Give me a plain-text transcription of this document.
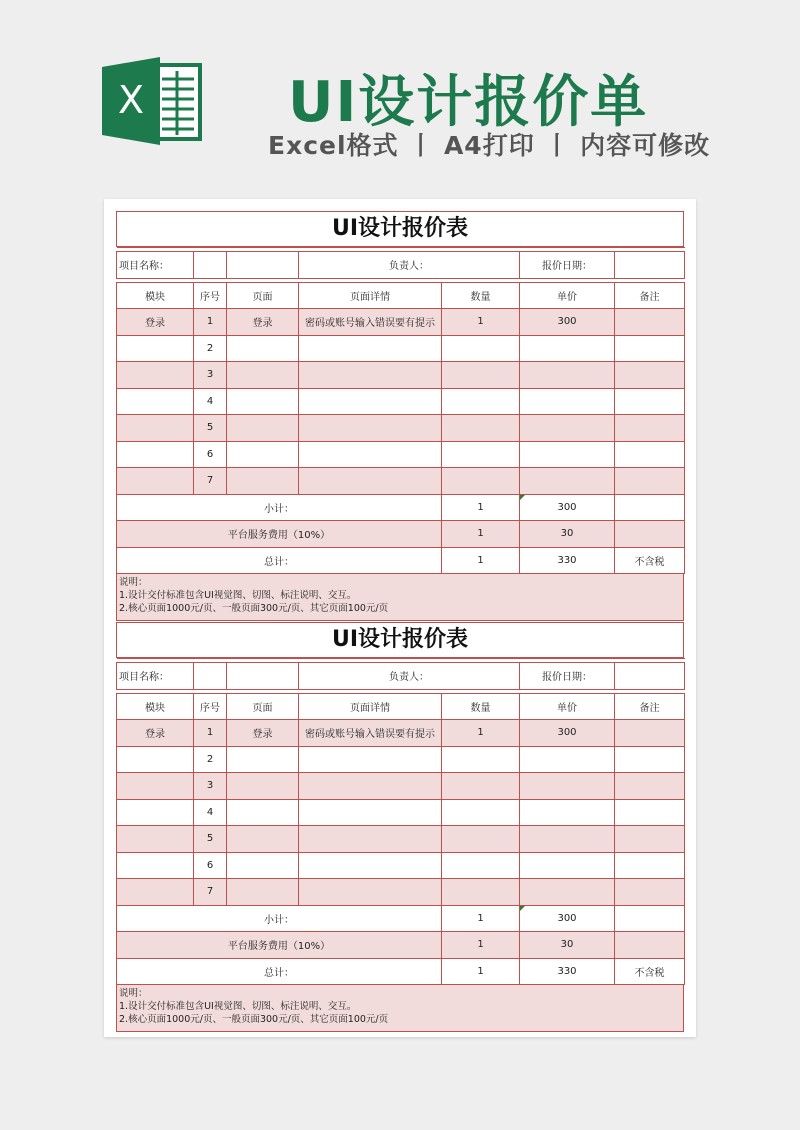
X	UI设计报价单
Excel格式 丨 A4打印 丨 内容可修改
UI设计报价表

项目名称：			负责人：		报价日期：	

模块	序号	页面	页面详情	数量	单价	备注
登录	1	登录	密码或账号输入错误要有提示	1	300	
	2					
	3					
	4					
	5					
	6					
	7					
小计：				1	300	
平台服务费用（10%）				1	30	
总计：				1	330	不含税
说明：
1.设计交付标准包含UI视觉图、切图、标注说明、交互。
2.核心页面1000元/页、一般页面300元/页、其它页面100元/页
UI设计报价表

项目名称：			负责人：		报价日期：	

模块	序号	页面	页面详情	数量	单价	备注
登录	1	登录	密码或账号输入错误要有提示	1	300	
	2					
	3					
	4					
	5					
	6					
	7					
小计：				1	300	
平台服务费用（10%）				1	30	
总计：				1	330	不含税
说明：
1.设计交付标准包含UI视觉图、切图、标注说明、交互。
2.核心页面1000元/页、一般页面300元/页、其它页面100元/页
